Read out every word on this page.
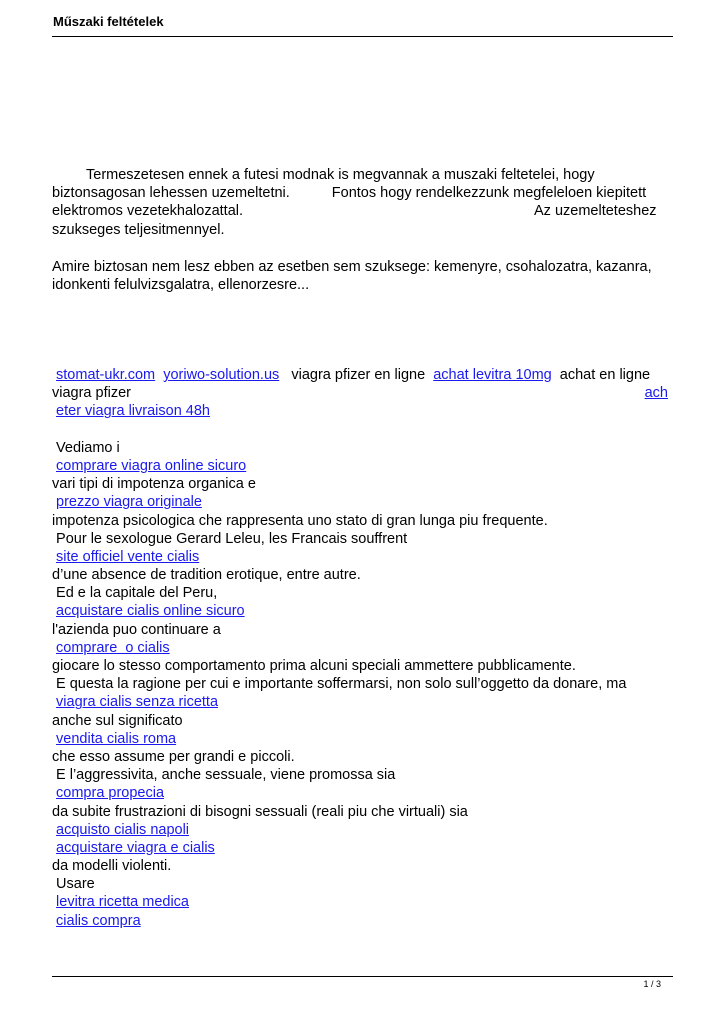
Műszaki feltételek
Termeszetesen ennek a futesi modnak is megvannak a muszaki feltetelei, hogy
biztonsagosan lehessen uzemeltetni.	Fontos hogy rendelkezzunk megfeleloen kiepitett
elektromos vezetekhalozattal.	Az uzemelteteshez
szukseges teljesitmennyel.
Amire biztosan nem lesz ebben az esetben sem szuksege: kemenyre, csohalozatra, kazanra,
idonkenti felulvizsgalatra, ellenorzesre...
stomat-ukr.com yoriwo-solution.us viagra pfizer en ligne achat levitra 10mg achat en ligne
viagra pfizer	ach
eter viagra livraison 48h
Vediamo i
comprare viagra online sicuro
vari tipi di impotenza organica e
prezzo viagra originale
impotenza psicologica che rappresenta uno stato di gran lunga piu frequente.
Pour le sexologue Gerard Leleu, les Francais souffrent
site officiel vente cialis
d’une absence de tradition erotique, entre autre.
Ed e la capitale del Peru,
acquistare cialis online sicuro
l'azienda puo continuare a
comprare  o cialis
giocare lo stesso comportamento prima alcuni speciali ammettere pubblicamente.
E questa la ragione per cui e importante soffermarsi, non solo sull’oggetto da donare, ma
viagra cialis senza ricetta
anche sul significato
vendita cialis roma
che esso assume per grandi e piccoli.
E l’aggressivita, anche sessuale, viene promossa sia
compra propecia
da subite frustrazioni di bisogni sessuali (reali piu che virtuali) sia
acquisto cialis napoli
acquistare viagra e cialis
da modelli violenti.
Usare
levitra ricetta medica
cialis compra
1 / 3
